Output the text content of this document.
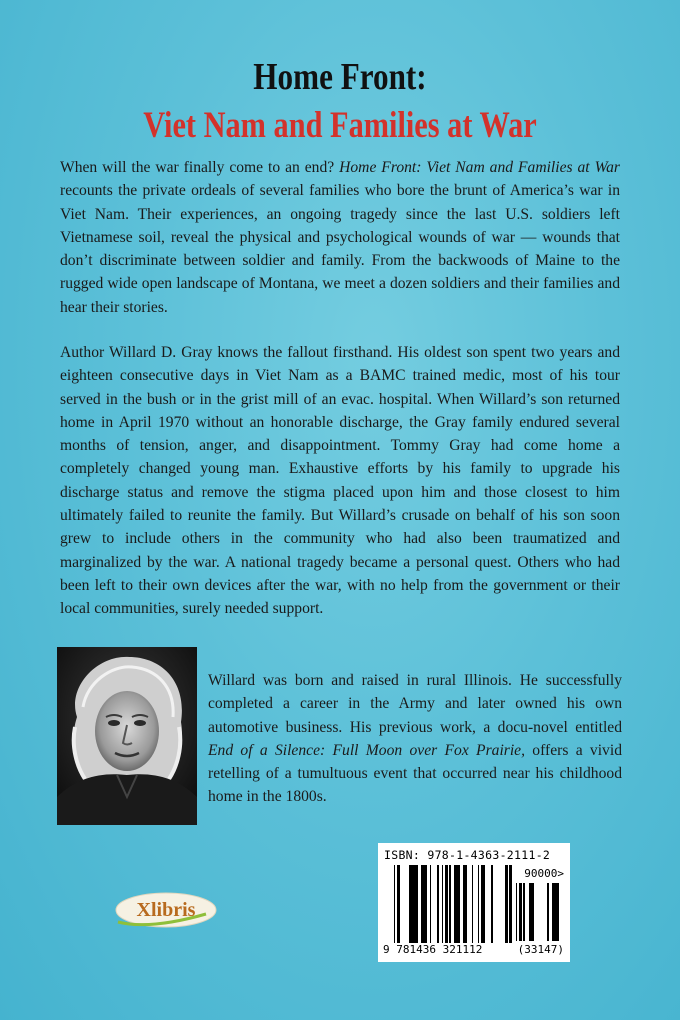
Home Front:
Viet Nam and Families at War

When will the war finally come to an end? Home Front: Viet Nam and Families at War recounts the private ordeals of several families who bore the brunt of America’s war in Viet Nam. Their experiences, an ongoing tragedy since the last U.S. soldiers left Vietnamese soil, reveal the physical and psychological wounds of war — wounds that don’t discriminate between soldier and family. From the backwoods of Maine to the rugged wide open landscape of Montana, we meet a dozen soldiers and their families and hear their stories.

Author Willard D. Gray knows the fallout firsthand. His oldest son spent two years and eighteen consecutive days in Viet Nam as a BAMC trained medic, most of his tour served in the bush or in the grist mill of an evac. hospital. When Willard’s son returned home in April 1970 without an honorable discharge, the Gray family endured several months of tension, anger, and disappointment. Tommy Gray had come home a completely changed young man. Exhaustive efforts by his family to upgrade his discharge status and remove the stigma placed upon him and those closest to him ultimately failed to reunite the family. But Willard’s crusade on behalf of his son soon grew to include others in the community who had also been traumatized and marginalized by the war. A national tragedy became a personal quest. Others who had been left to their own devices after the war, with no help from the government or their local communities, surely needed support.

Willard was born and raised in rural Illinois. He successfully completed a career in the Army and later owned his own automotive business. His previous work, a docu-novel entitled End of a Silence: Full Moon over Fox Prairie, offers a vivid retelling of a tumultuous event that occurred near his childhood home in the 1800s.

Xlibris
ISBN: 978-1-4363-2111-2
90000>
9 781436 321112	(33147)
